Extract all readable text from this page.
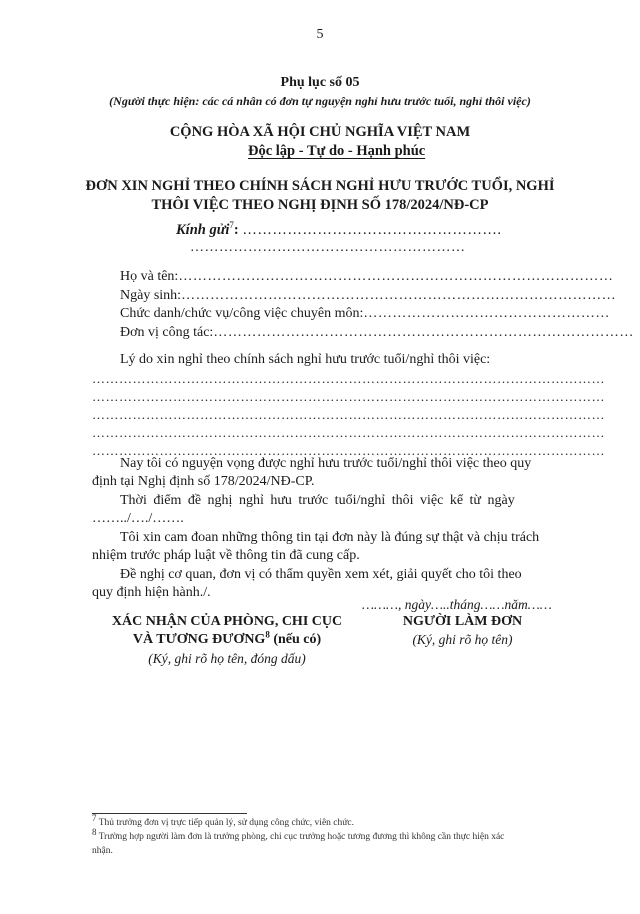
5
Phụ lục số 05
(Người thực hiện: các cá nhân có đơn tự nguyện nghỉ hưu trước tuổi, nghỉ thôi việc)
CỘNG HÒA XÃ HỘI CHỦ NGHĨA VIỆT NAM
Độc lập - Tự do - Hạnh phúc
ĐƠN XIN NGHỈ THEO CHÍNH SÁCH NGHỈ HƯU TRƯỚC TUỔI, NGHỈ
THÔI VIỆC THEO NGHỊ ĐỊNH SỐ 178/2024/NĐ-CP
Kính gửi$^7$: …………………………………………….
…………………………………………………
Họ và tên:………………………………………………………………………………
Ngày sinh:………………………………………………………………………………
Chức danh/chức vụ/công việc chuyên môn:……………………………………………
Đơn vị công tác:……………………………………………………………………………
Lý do xin nghỉ theo chính sách nghỉ hưu trước tuổi/nghỉ thôi việc:
……………………………………………………………………………………………………
……………………………………………………………………………………………………
……………………………………………………………………………………………………
……………………………………………………………………………………………………
……………………………………………………………………………………………………
Nay tôi có nguyện vọng được nghỉ hưu trước tuổi/nghỉ thôi việc theo quy
định tại Nghị định số 178/2024/NĐ-CP.
Thời điểm đề nghị nghỉ hưu trước tuổi/nghỉ thôi việc kể từ ngày
……../…./…….
Tôi xin cam đoan những thông tin tại đơn này là đúng sự thật và chịu trách
nhiệm trước pháp luật về thông tin đã cung cấp.
Đề nghị cơ quan, đơn vị có thẩm quyền xem xét, giải quyết cho tôi theo
quy định hiện hành./.
………, ngày…..tháng……năm……
XÁC NHẬN CỦA PHÒNG, CHI CỤC
VÀ TƯƠNG ĐƯƠNG$^8$ (nếu có)
(Ký, ghi rõ họ tên, đóng dấu)
NGƯỜI LÀM ĐƠN
(Ký, ghi rõ họ tên)
$^7$ Thủ trưởng đơn vị trực tiếp quản lý, sử dụng công chức, viên chức.
$^8$ Trường hợp người làm đơn là trưởng phòng, chi cục trưởng hoặc tương đương thì không cần thực hiện xác
nhận.
